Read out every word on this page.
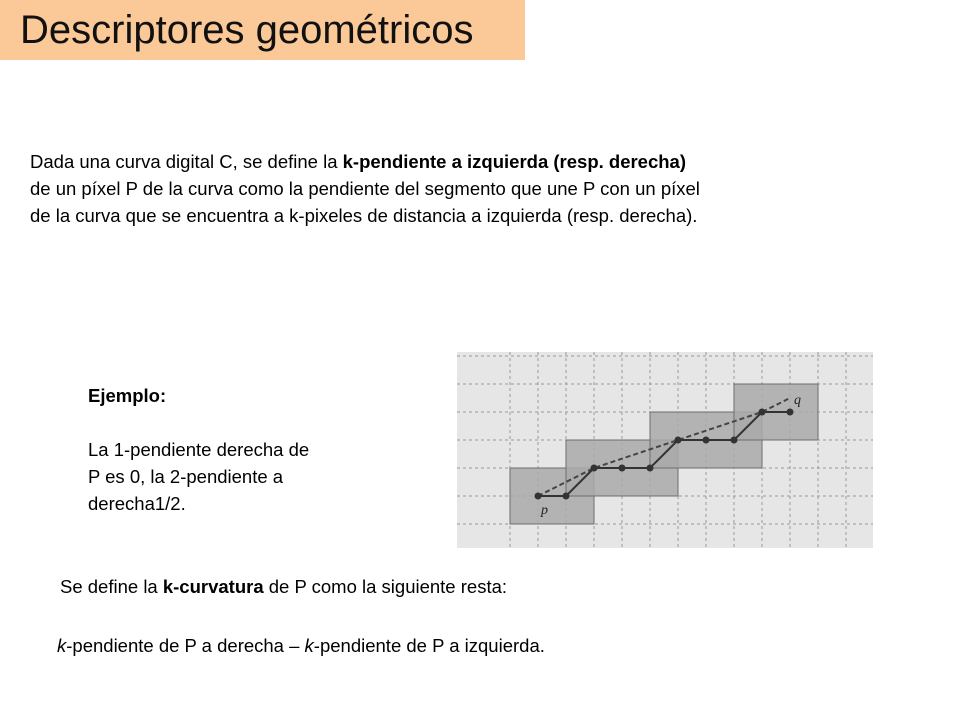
Descriptores geométricos
Dada una curva digital C, se define la k-pendiente a izquierda (resp. derecha)
de un píxel P de la curva como la pendiente del segmento que une P con un píxel
de la curva que se encuentra a k-pixeles de distancia a izquierda (resp. derecha).
Ejemplo:
La 1-pendiente derecha de
P es 0, la 2-pendiente a
derecha1/2.	p
q
Se define la k-curvatura de P como la siguiente resta:
k-pendiente de P a derecha – k-pendiente de P a izquierda.
